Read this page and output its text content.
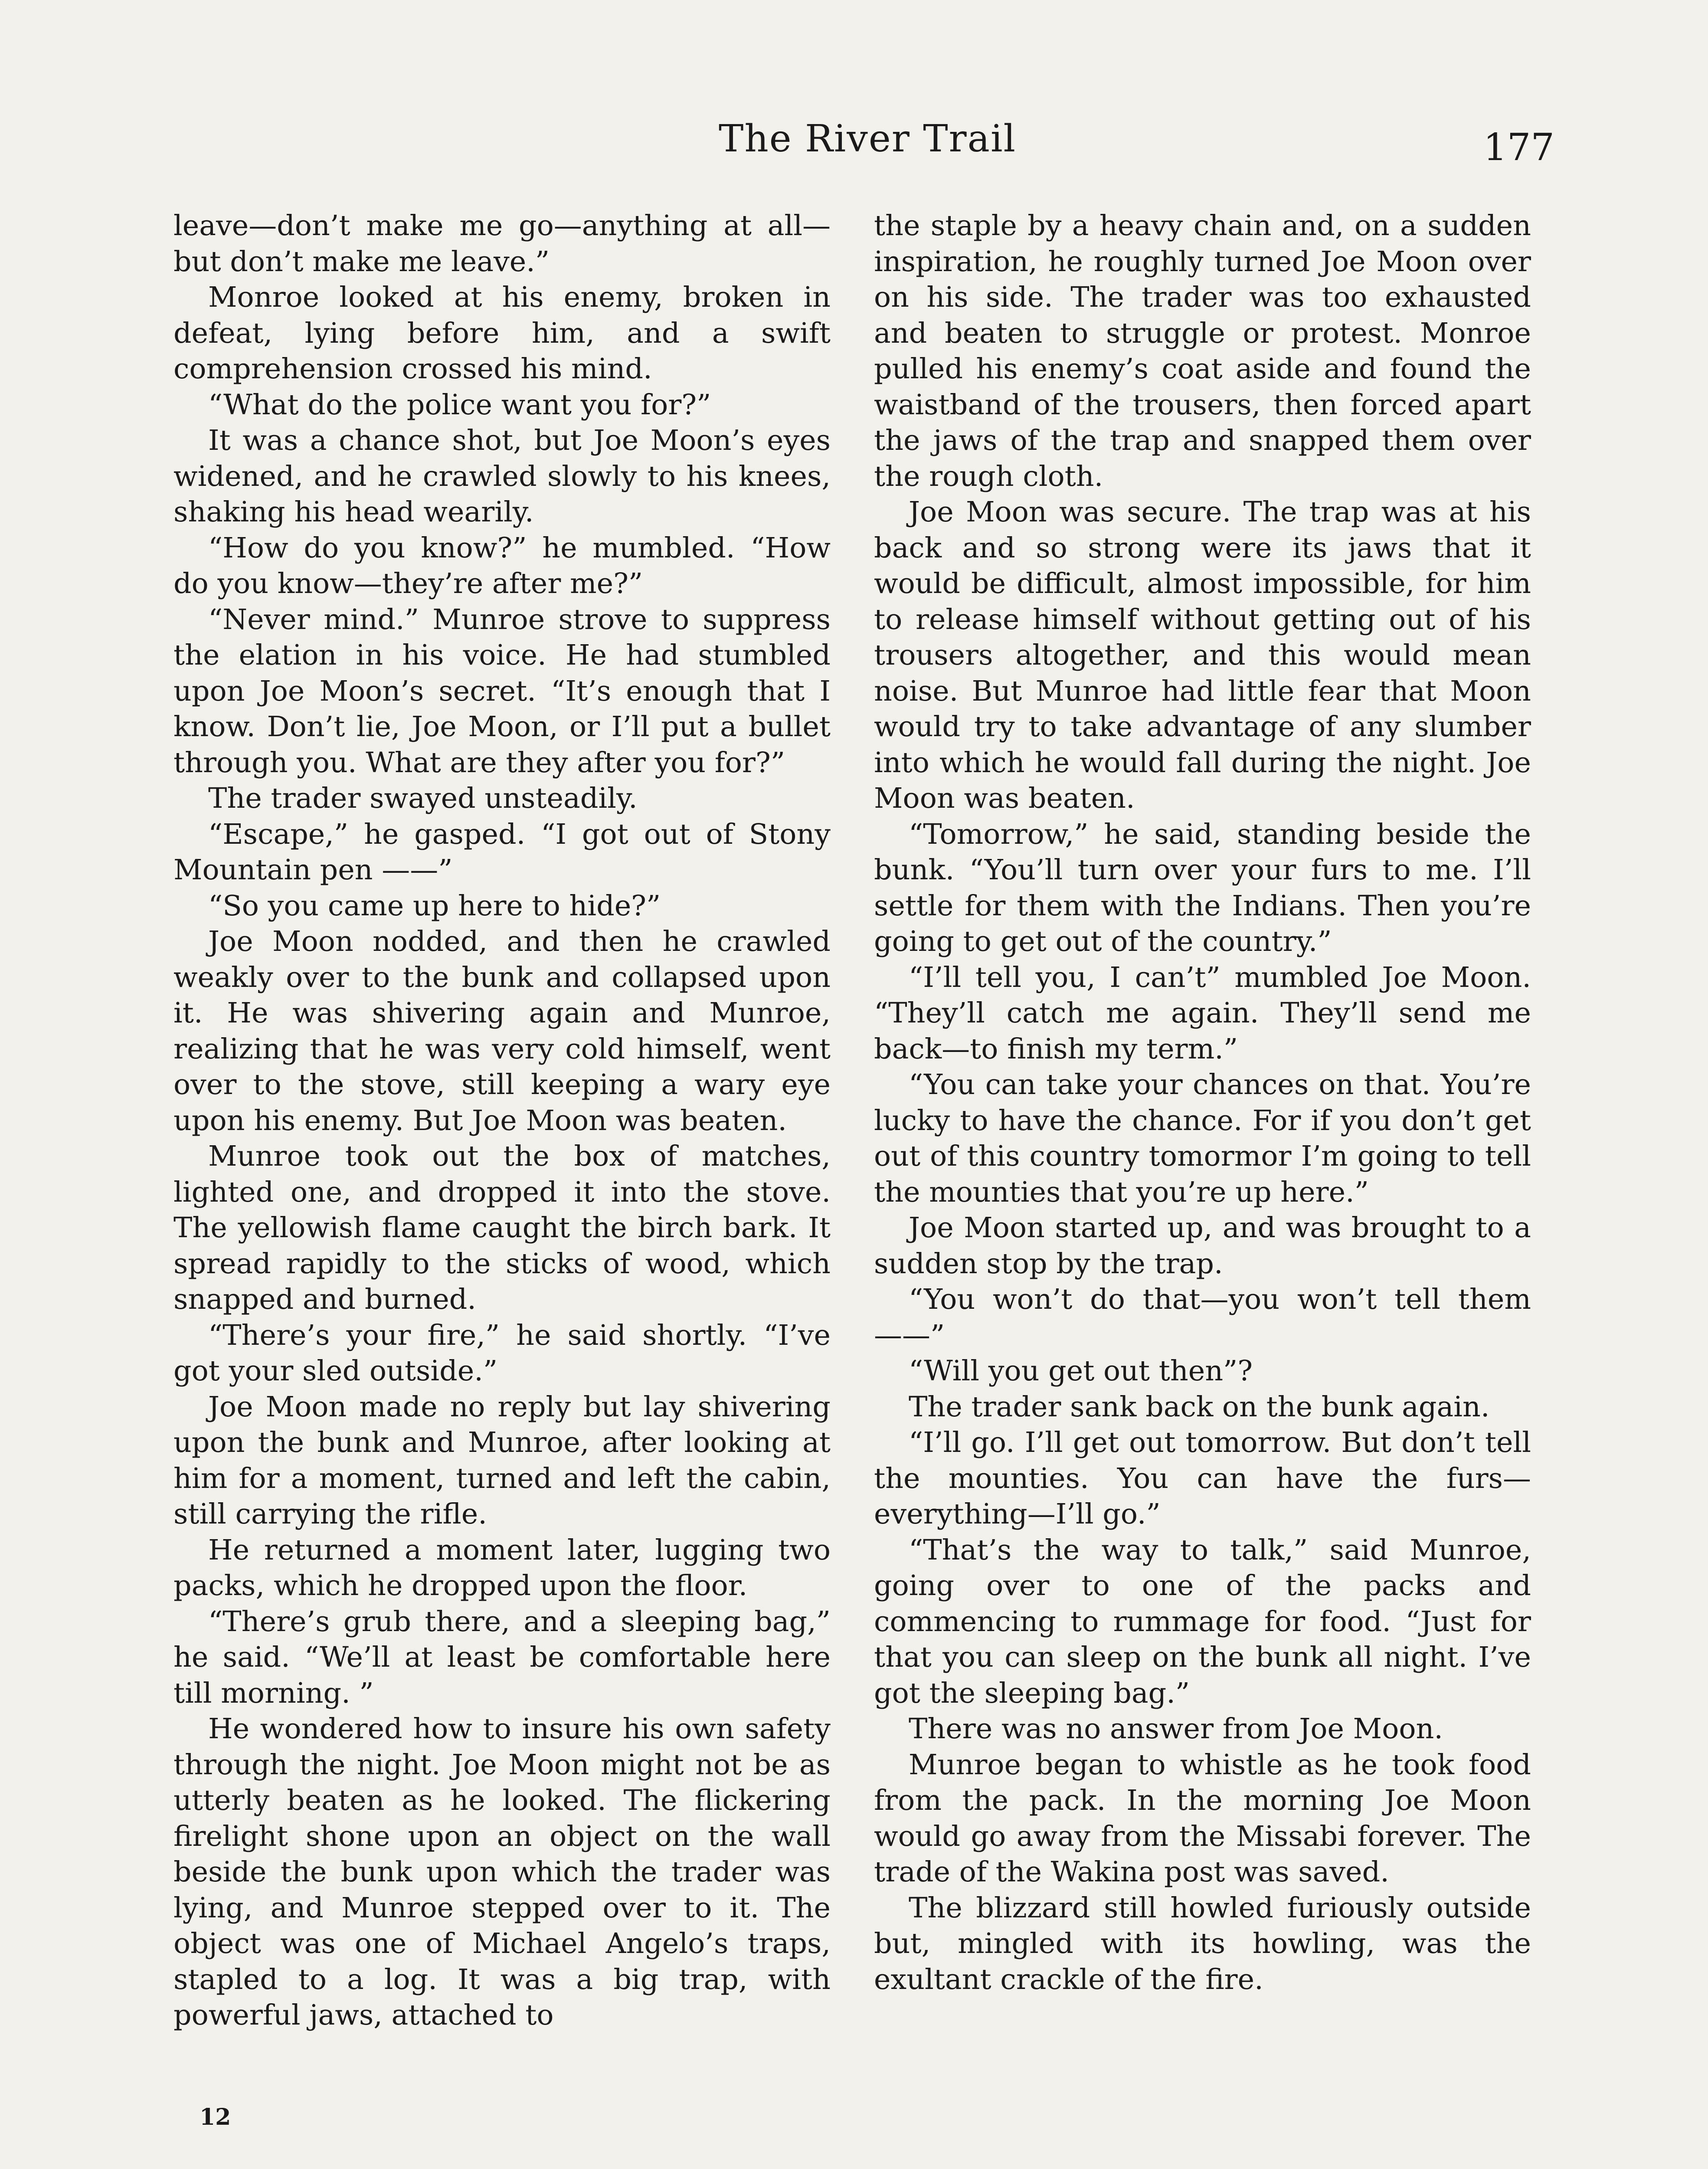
The River Trail	177

leave—don’t make me go—anything at all—but don’t make me leave.”

Monroe looked at his enemy, broken in defeat, lying before him, and a swift comprehension crossed his mind.

“What do the police want you for?”

It was a chance shot, but Joe Moon’s eyes widened, and he crawled slowly to his knees, shaking his head wearily.

“How do you know?” he mumbled. “How do you know—they’re after me?”

“Never mind.” Munroe strove to suppress the elation in his voice. He had stumbled upon Joe Moon’s secret. “It’s enough that I know. Don’t lie, Joe Moon, or I’ll put a bullet through you. What are they after you for?”

The trader swayed unsteadily.

“Escape,” he gasped. “I got out of Stony Mountain pen ——”

“So you came up here to hide?”

Joe Moon nodded, and then he crawled weakly over to the bunk and collapsed upon it. He was shivering again and Munroe, realizing that he was very cold himself, went over to the stove, still keeping a wary eye upon his enemy. But Joe Moon was beaten.

Munroe took out the box of matches, lighted one, and dropped it into the stove. The yellowish flame caught the birch bark. It spread rapidly to the sticks of wood, which snapped and burned.

“There’s your fire,” he said shortly. “I’ve got your sled outside.”

Joe Moon made no reply but lay shivering upon the bunk and Munroe, after looking at him for a moment, turned and left the cabin, still carrying the rifle.

He returned a moment later, lugging two packs, which he dropped upon the floor.

“There’s grub there, and a sleeping bag,” he said. “We’ll at least be comfortable here till morning. ”

He wondered how to insure his own safety through the night. Joe Moon might not be as utterly beaten as he looked. The flickering firelight shone upon an object on the wall beside the bunk upon which the trader was lying, and Munroe stepped over to it. The object was one of Michael Angelo’s traps, stapled to a log. It was a big trap, with powerful jaws, attached to

the staple by a heavy chain and, on a sudden inspiration, he roughly turned Joe Moon over on his side. The trader was too exhausted and beaten to struggle or protest. Monroe pulled his enemy’s coat aside and found the waistband of the trousers, then forced apart the jaws of the trap and snapped them over the rough cloth.

Joe Moon was secure. The trap was at his back and so strong were its jaws that it would be difficult, almost impossible, for him to release himself without getting out of his trousers altogether, and this would mean noise. But Munroe had little fear that Moon would try to take advantage of any slumber into which he would fall during the night. Joe Moon was beaten.

“Tomorrow,” he said, standing beside the bunk. “You’ll turn over your furs to me. I’ll settle for them with the Indians. Then you’re going to get out of the country.”

“I’ll tell you, I can’t” mumbled Joe Moon. “They’ll catch me again. They’ll send me back—to finish my term.”

“You can take your chances on that. You’re lucky to have the chance. For if you don’t get out of this country tomormor I’m going to tell the mounties that you’re up here.”

Joe Moon started up, and was brought to a sudden stop by the trap.

“You won’t do that—you won’t tell them ——”

“Will you get out then”?

The trader sank back on the bunk again.

“I’ll go. I’ll get out tomorrow. But don’t tell the mounties. You can have the furs—everything—I’ll go.”

“That’s the way to talk,” said Munroe, going over to one of the packs and commencing to rummage for food. “Just for that you can sleep on the bunk all night. I’ve got the sleeping bag.”

There was no answer from Joe Moon.

Munroe began to whistle as he took food from the pack. In the morning Joe Moon would go away from the Missabi forever. The trade of the Wakina post was saved.

The blizzard still howled furiously outside but, mingled with its howling, was the exultant crackle of the fire.

12
